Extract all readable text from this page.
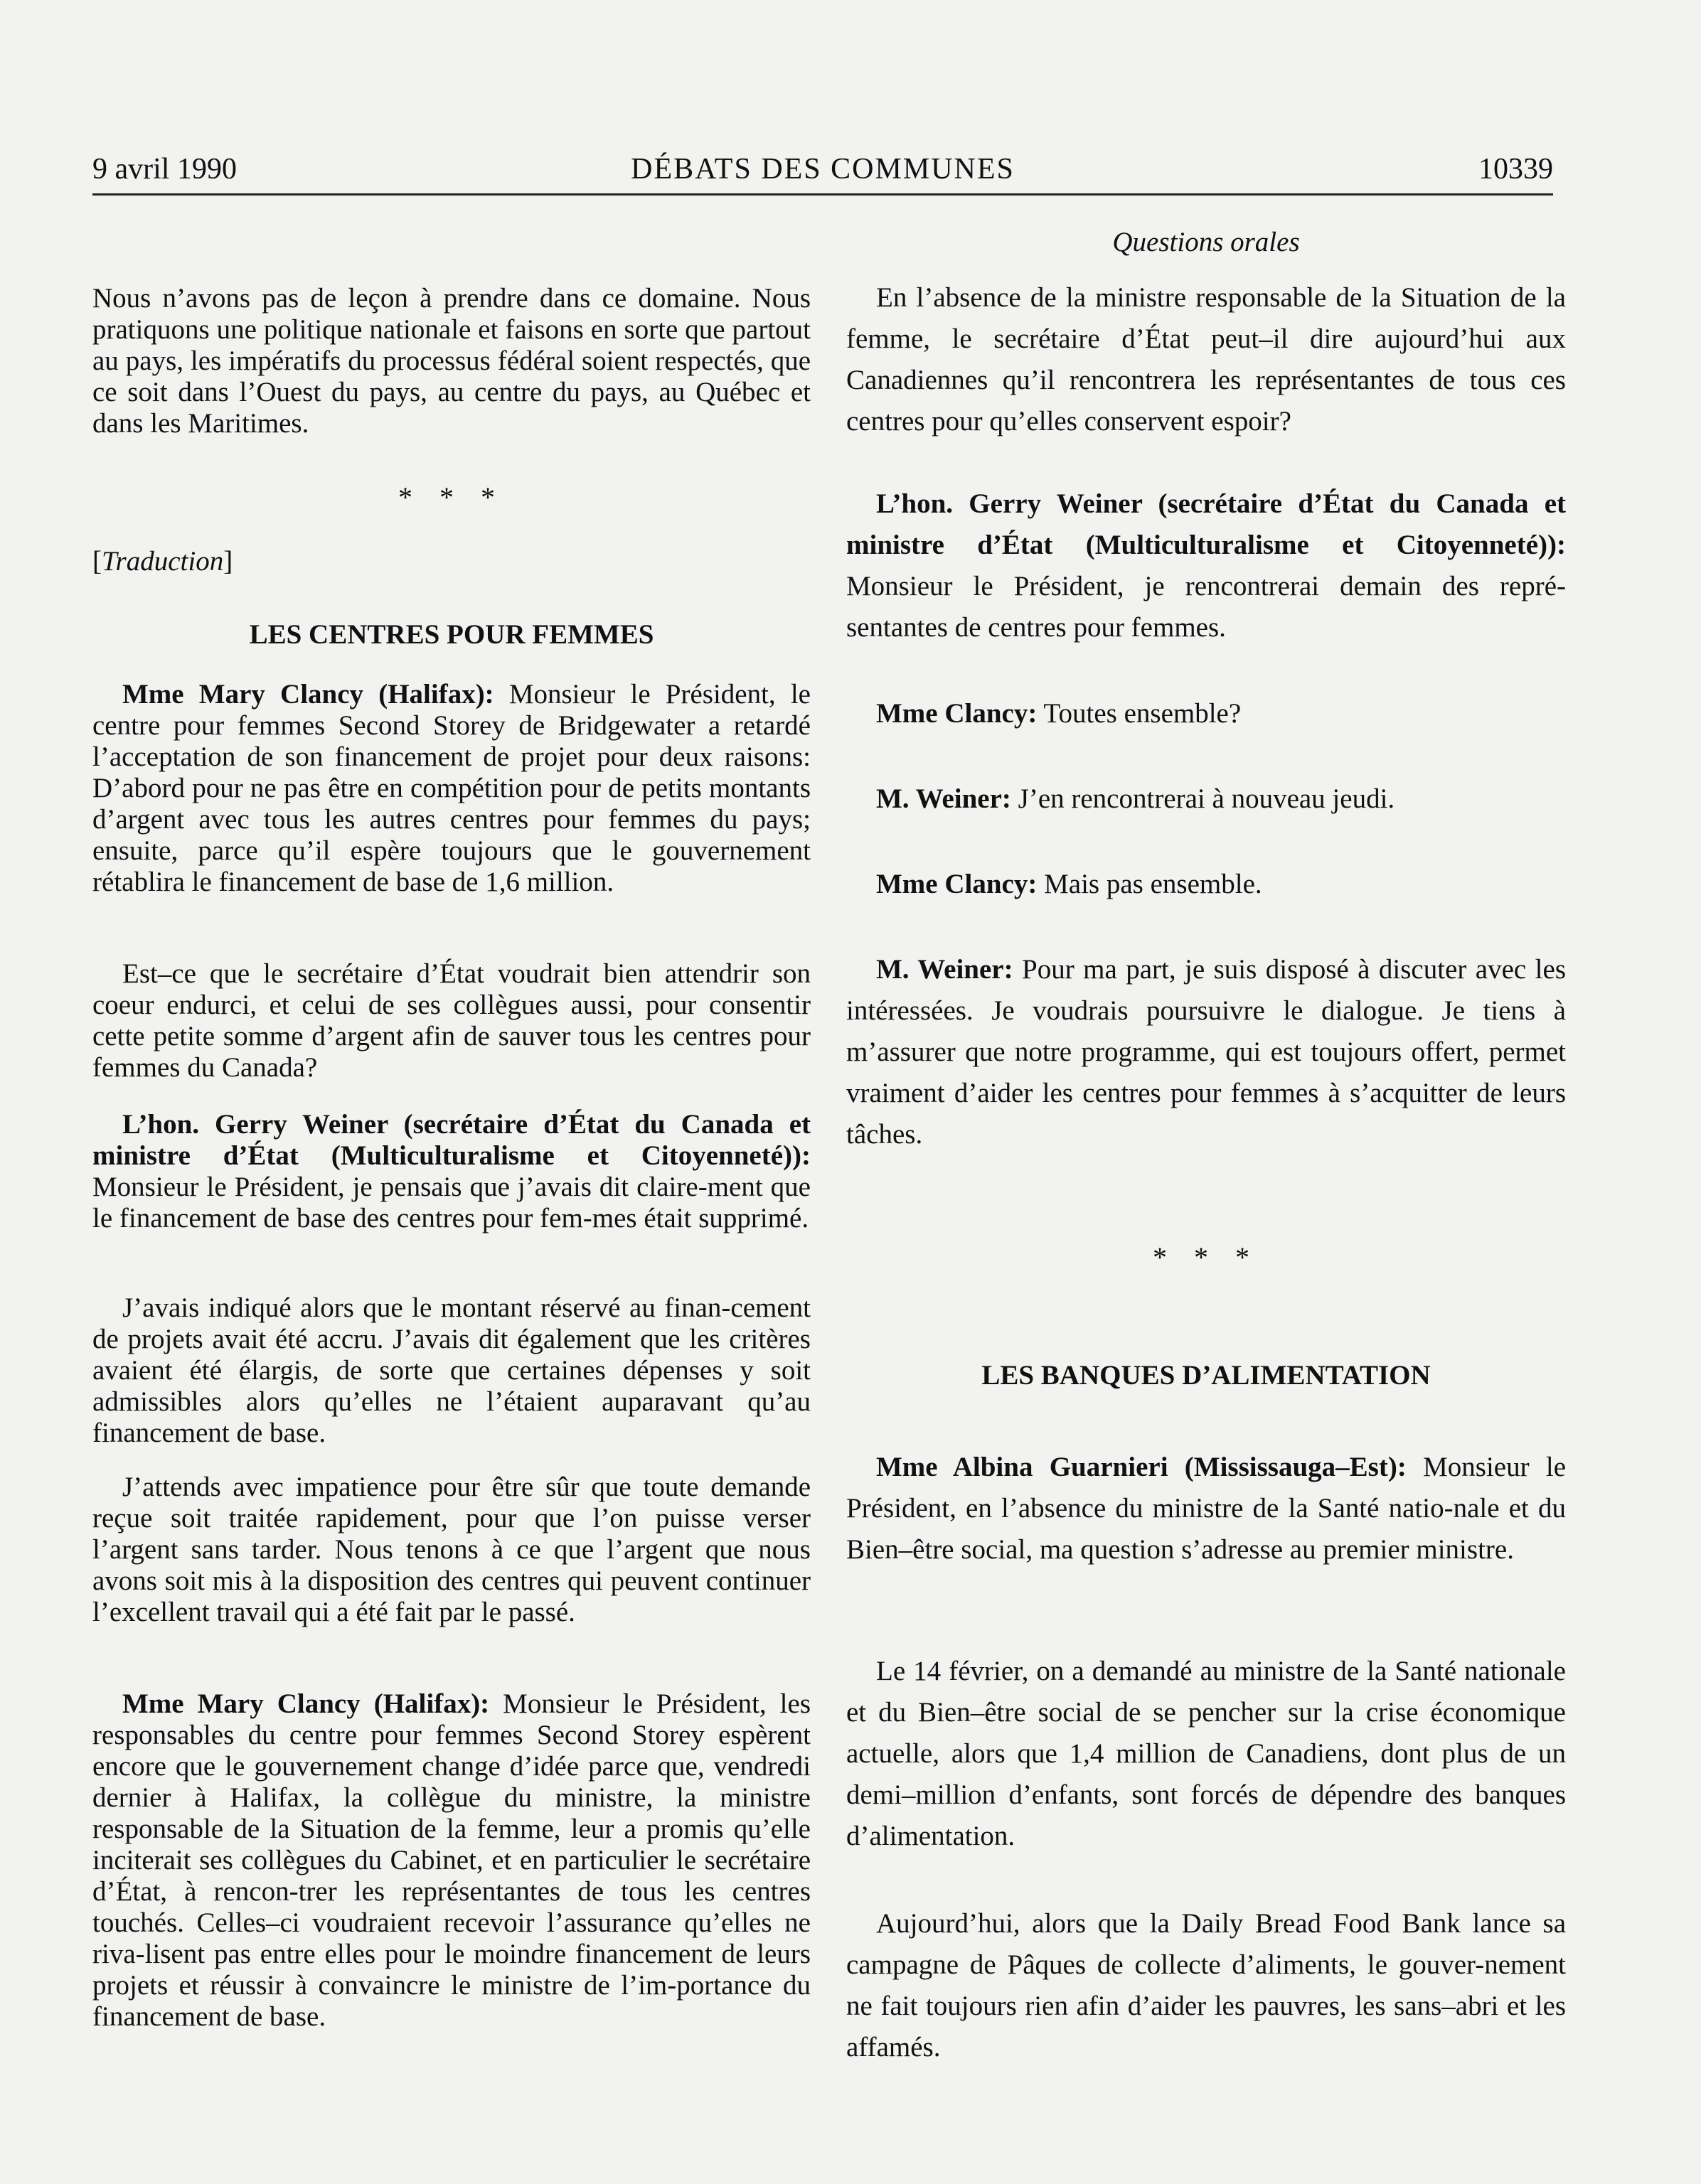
9 avril 1990	DÉBATS DES COMMUNES	10339

Nous n’avons pas de leçon à prendre dans ce domaine. Nous pratiquons une politique nationale et faisons en sorte que partout au pays, les impératifs du processus fédéral soient respectés, que ce soit dans l’Ouest du pays, au centre du pays, au Québec et dans les Maritimes.

* * *
[Traduction]
LES CENTRES POUR FEMMES

Mme Mary Clancy (Halifax): Monsieur le Président, le centre pour femmes Second Storey de Bridgewater a retardé l’acceptation de son financement de projet pour deux raisons: D’abord pour ne pas être en compétition pour de petits montants d’argent avec tous les autres centres pour femmes du pays; ensuite, parce qu’il espère toujours que le gouvernement rétablira le financement de base de 1,6 million.

Est–ce que le secrétaire d’État voudrait bien attendrir son coeur endurci, et celui de ses collègues aussi, pour consentir cette petite somme d’argent afin de sauver tous les centres pour femmes du Canada?

L’hon. Gerry Weiner (secrétaire d’État du Canada et ministre d’État (Multiculturalisme et Citoyenneté)): Monsieur le Président, je pensais que j’avais dit claire-ment que le financement de base des centres pour fem-mes était supprimé.

J’avais indiqué alors que le montant réservé au finan-cement de projets avait été accru. J’avais dit également que les critères avaient été élargis, de sorte que certaines dépenses y soit admissibles alors qu’elles ne l’étaient auparavant qu’au financement de base.

J’attends avec impatience pour être sûr que toute demande reçue soit traitée rapidement, pour que l’on puisse verser l’argent sans tarder. Nous tenons à ce que l’argent que nous avons soit mis à la disposition des centres qui peuvent continuer l’excellent travail qui a été fait par le passé.

Mme Mary Clancy (Halifax): Monsieur le Président, les responsables du centre pour femmes Second Storey espèrent encore que le gouvernement change d’idée parce que, vendredi dernier à Halifax, la collègue du ministre, la ministre responsable de la Situation de la femme, leur a promis qu’elle inciterait ses collègues du Cabinet, et en particulier le secrétaire d’État, à rencon-trer les représentantes de tous les centres touchés. Celles–ci voudraient recevoir l’assurance qu’elles ne riva-lisent pas entre elles pour le moindre financement de leurs projets et réussir à convaincre le ministre de l’im-portance du financement de base.

Questions orales

En l’absence de la ministre responsable de la Situation de la femme, le secrétaire d’État peut–il dire aujourd’hui aux Canadiennes qu’il rencontrera les représentantes de tous ces centres pour qu’elles conservent espoir?

L’hon. Gerry Weiner (secrétaire d’État du Canada et ministre d’État (Multiculturalisme et Citoyenneté)): Monsieur le Président, je rencontrerai demain des repré-sentantes de centres pour femmes.

Mme Clancy: Toutes ensemble?

M. Weiner: J’en rencontrerai à nouveau jeudi.

Mme Clancy: Mais pas ensemble.

M. Weiner: Pour ma part, je suis disposé à discuter avec les intéressées. Je voudrais poursuivre le dialogue. Je tiens à m’assurer que notre programme, qui est toujours offert, permet vraiment d’aider les centres pour femmes à s’acquitter de leurs tâches.

* * *
LES BANQUES D’ALIMENTATION

Mme Albina Guarnieri (Mississauga–Est): Monsieur le Président, en l’absence du ministre de la Santé natio-nale et du Bien–être social, ma question s’adresse au premier ministre.

Le 14 février, on a demandé au ministre de la Santé nationale et du Bien–être social de se pencher sur la crise économique actuelle, alors que 1,4 million de Canadiens, dont plus de un demi–million d’enfants, sont forcés de dépendre des banques d’alimentation.

Aujourd’hui, alors que la Daily Bread Food Bank lance sa campagne de Pâques de collecte d’aliments, le gouver-nement ne fait toujours rien afin d’aider les pauvres, les sans–abri et les affamés.
